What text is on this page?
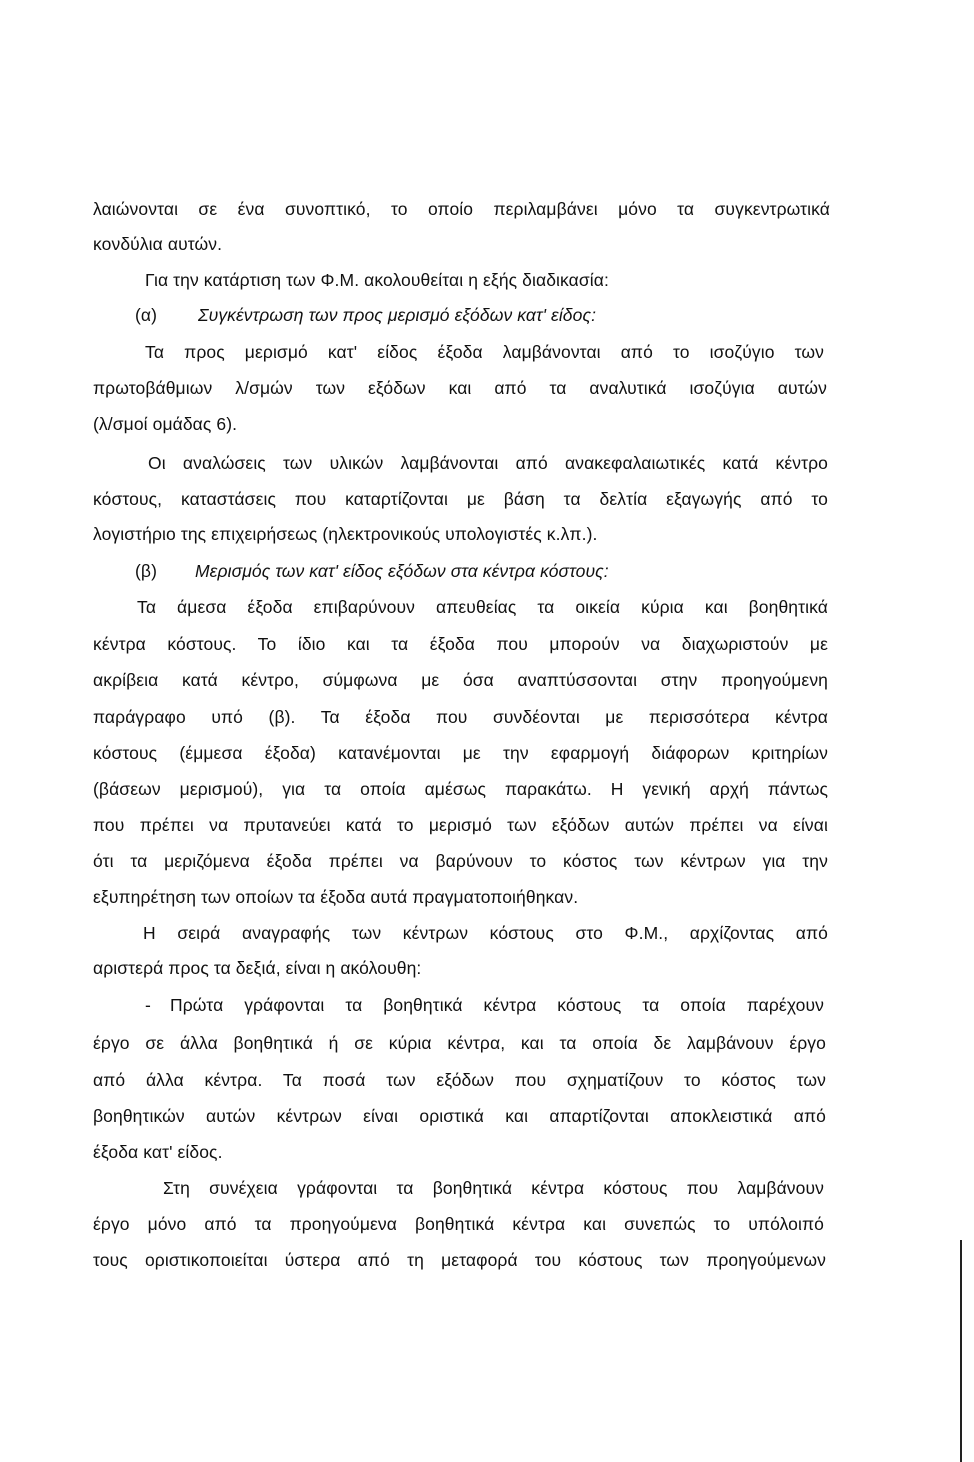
λαιώνονται σε ένα συνοπτικό, το οποίο περιλαμβάνει μόνο τα συγκεντρωτικά
κονδύλια αυτών.
Για την κατάρτιση των Φ.Μ. ακολουθείται η εξής διαδικασία:
(α) Συγκέντρωση των προς μερισμό εξόδων κατ' είδος:
Τα προς μερισμό κατ' είδος έξοδα λαμβάνονται από το ισοζύγιο των
πρωτοβάθμιων λ/σμών των εξόδων και από τα αναλυτικά ισοζύγια αυτών
(λ/σμοί ομάδας 6).
Οι αναλώσεις των υλικών λαμβάνονται από ανακεφαλαιωτικές κατά κέντρο
κόστους, καταστάσεις που καταρτίζονται με βάση τα δελτία εξαγωγής από το
λογιστήριο της επιχειρήσεως (ηλεκτρονικούς υπολογιστές κ.λπ.).
(β) Μερισμός των κατ' είδος εξόδων στα κέντρα κόστους:
Τα άμεσα έξοδα επιβαρύνουν απευθείας τα οικεία κύρια και βοηθητικά
κέντρα κόστους. Το ίδιο και τα έξοδα που μπορούν να διαχωριστούν με
ακρίβεια κατά κέντρο, σύμφωνα με όσα αναπτύσσονται στην προηγούμενη
παράγραφο υπό (β). Τα έξοδα που συνδέονται με περισσότερα κέντρα
κόστους (έμμεσα έξοδα) κατανέμονται με την εφαρμογή διάφορων κριτηρίων
(βάσεων μερισμού), για τα οποία αμέσως παρακάτω. Η γενική αρχή πάντως
που πρέπει να πρυτανεύει κατά το μερισμό των εξόδων αυτών πρέπει να είναι
ότι τα μεριζόμενα έξοδα πρέπει να βαρύνουν το κόστος των κέντρων για την
εξυπηρέτηση των οποίων τα έξοδα αυτά πραγματοποιήθηκαν.
Η σειρά αναγραφής των κέντρων κόστους στο Φ.Μ., αρχίζοντας από
αριστερά προς τα δεξιά, είναι η ακόλουθη:
- Πρώτα γράφονται τα βοηθητικά κέντρα κόστους τα οποία παρέχουν
έργο σε άλλα βοηθητικά ή σε κύρια κέντρα, και τα οποία δε λαμβάνουν έργο
από άλλα κέντρα. Τα ποσά των εξόδων που σχηματίζουν το κόστος των
βοηθητικών αυτών κέντρων είναι οριστικά και απαρτίζονται αποκλειστικά από
έξοδα κατ' είδος.
Στη συνέχεια γράφονται τα βοηθητικά κέντρα κόστους που λαμβάνουν
έργο μόνο από τα προηγούμενα βοηθητικά κέντρα και συνεπώς το υπόλοιπό
τους οριστικοποιείται ύστερα από τη μεταφορά του κόστους των προηγούμενων
